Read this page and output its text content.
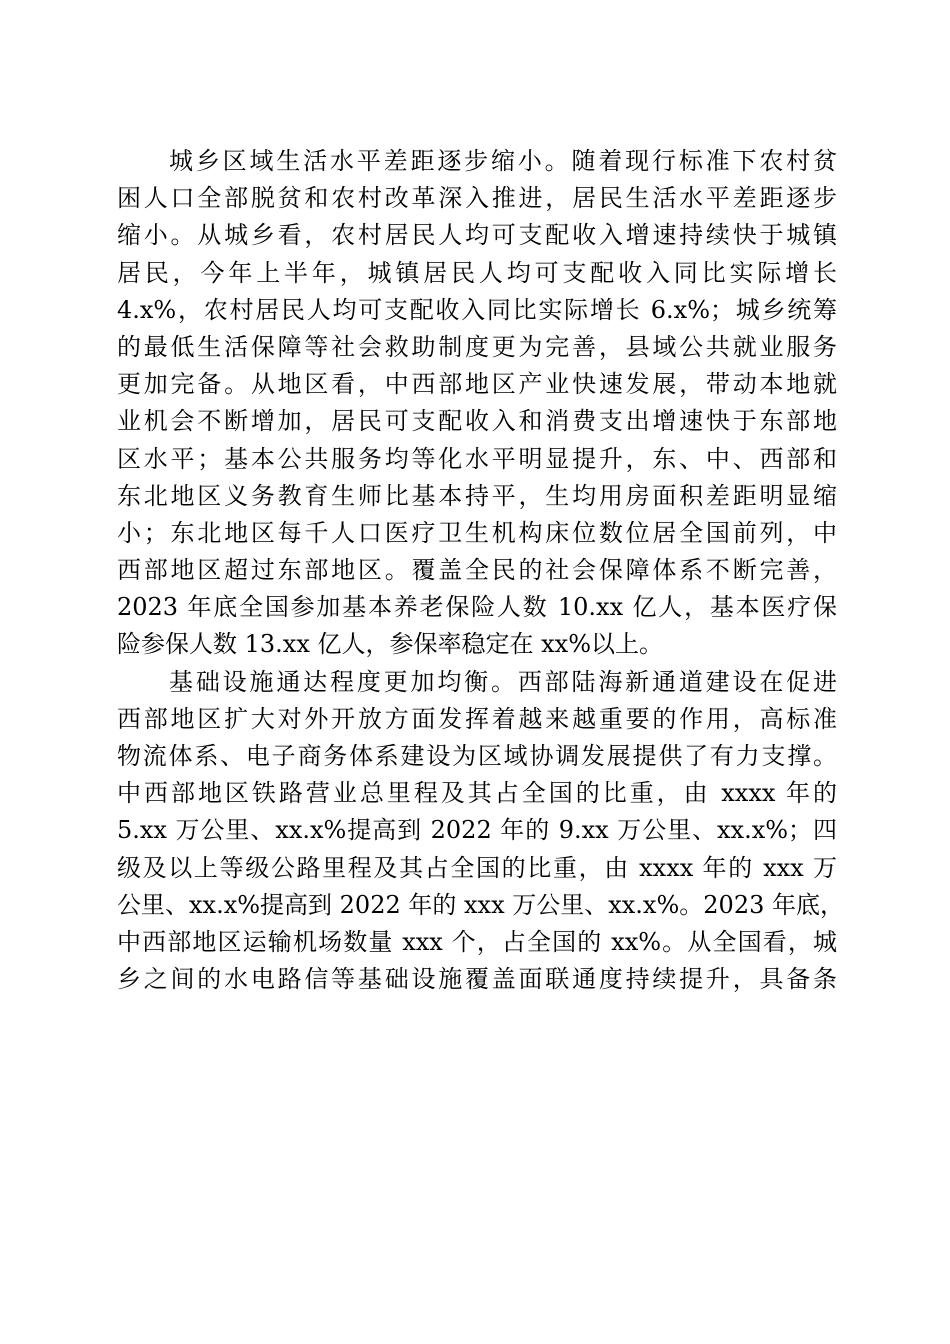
城乡区域生活水平差距逐步缩小。随着现行标准下农村贫
困人口全部脱贫和农村改革深入推进，居民生活水平差距逐步
缩小。从城乡看，农村居民人均可支配收入增速持续快于城镇
居民，今年上半年，城镇居民人均可支配收入同比实际增长
4.x%，农村居民人均可支配收入同比实际增长 6.x%；城乡统筹
的最低生活保障等社会救助制度更为完善，县域公共就业服务
更加完备。从地区看，中西部地区产业快速发展，带动本地就
业机会不断增加，居民可支配收入和消费支出增速快于东部地
区水平；基本公共服务均等化水平明显提升，东、中、西部和
东北地区义务教育生师比基本持平，生均用房面积差距明显缩
小；东北地区每千人口医疗卫生机构床位数位居全国前列，中
西部地区超过东部地区。覆盖全民的社会保障体系不断完善，
2023 年底全国参加基本养老保险人数 10.xx 亿人，基本医疗保
险参保人数 13.xx 亿人，参保率稳定在 xx%以上。
基础设施通达程度更加均衡。西部陆海新通道建设在促进
西部地区扩大对外开放方面发挥着越来越重要的作用，高标准
物流体系、电子商务体系建设为区域协调发展提供了有力支撑。
中西部地区铁路营业总里程及其占全国的比重，由 xxxx 年的
5.xx 万公里、xx.x%提高到 2022 年的 9.xx 万公里、xx.x%；四
级及以上等级公路里程及其占全国的比重，由 xxxx 年的 xxx 万
公里、xx.x%提高到 2022 年的 xxx 万公里、xx.x%。2023 年底，
中西部地区运输机场数量 xxx 个，占全国的 xx%。从全国看，城
乡之间的水电路信等基础设施覆盖面联通度持续提升，具备条
